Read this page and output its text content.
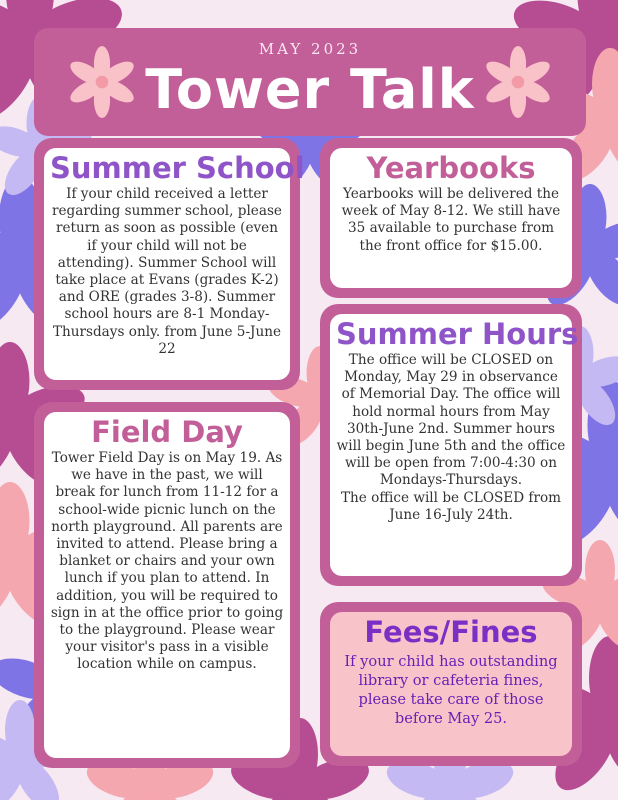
MAY 2023
Tower Talk
Summer School
If your child received a letter regarding summer school, please return as soon as possible (even if your child will not be attending). Summer School will take place at Evans (grades K-2) and ORE (grades 3-8). Summer school hours are 8-1 Monday-Thursdays only. from June 5-June 22
Field Day
Tower Field Day is on May 19. As we have in the past, we will break for lunch from 11-12 for a school-wide picnic lunch on the north playground. All parents are invited to attend. Please bring a blanket or chairs and your own lunch if you plan to attend. In addition, you will be required to sign in at the office prior to going to the playground. Please wear your visitor's pass in a visible location while on campus.
Yearbooks
Yearbooks will be delivered the week of May 8-12. We still have 35 available to purchase from the front office for $15.00.
Summer Hours
The office will be CLOSED on Monday, May 29 in observance of Memorial Day. The office will hold normal hours from May 30th-June 2nd. Summer hours will begin June 5th and the office will be open from 7:00-4:30 on Mondays-Thursdays.
The office will be CLOSED from June 16-July 24th.
Fees/Fines
If your child has outstanding library or cafeteria fines, please take care of those before May 25.
